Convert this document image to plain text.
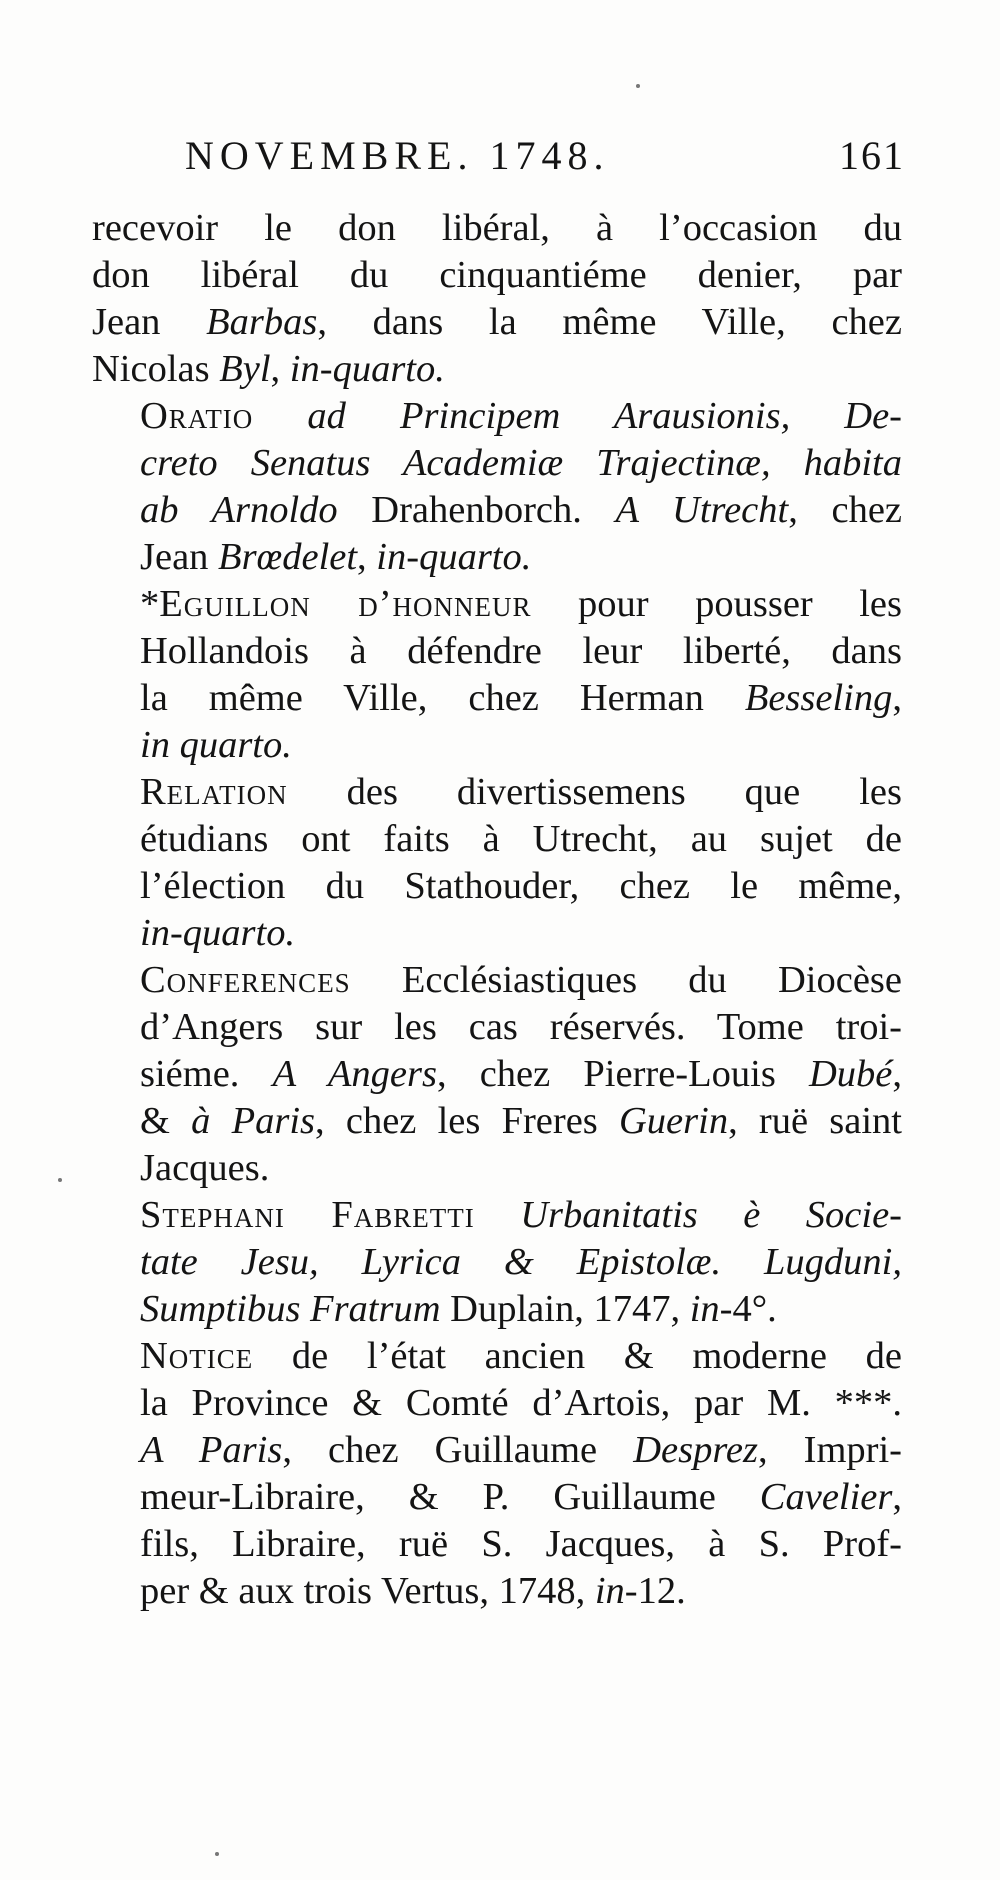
NOVEMBRE. 1748.	161

recevoir le don libéral, à l’occasion du
don libéral du cinquantiéme denier, par
Jean Barbas, dans la même Ville, chez
Nicolas Byl, in-quarto.

Oratio ad Principem Arausionis, De-
creto Senatus Academiæ Trajectinæ, habita
ab Arnoldo Drahenborch. A Utrecht, chez
Jean Brœdelet, in-quarto.

*Eguillon d’honneur pour pousser les
Hollandois à défendre leur liberté, dans
la même Ville, chez Herman Besseling,
in quarto.

Relation des divertissemens que les
étudians ont faits à Utrecht, au sujet de
l’élection du Stathouder, chez le même,
in-quarto.

Conferences Ecclésiastiques du Diocèse
d’Angers sur les cas réservés. Tome troi-
siéme. A Angers, chez Pierre-Louis Dubé,
& à Paris, chez les Freres Guerin, ruë saint
Jacques.

Stephani Fabretti Urbanitatis è Socie-
tate Jesu, Lyrica & Epistolæ. Lugduni,
Sumptibus Fratrum Duplain, 1747, in-4°.

Notice de l’état ancien & moderne de
la Province & Comté d’Artois, par M. ***.
A Paris, chez Guillaume Desprez, Impri-
meur-Libraire, & P. Guillaume Cavelier,
fils, Libraire, ruë S. Jacques, à S. Prof-
per & aux trois Vertus, 1748, in-12.
